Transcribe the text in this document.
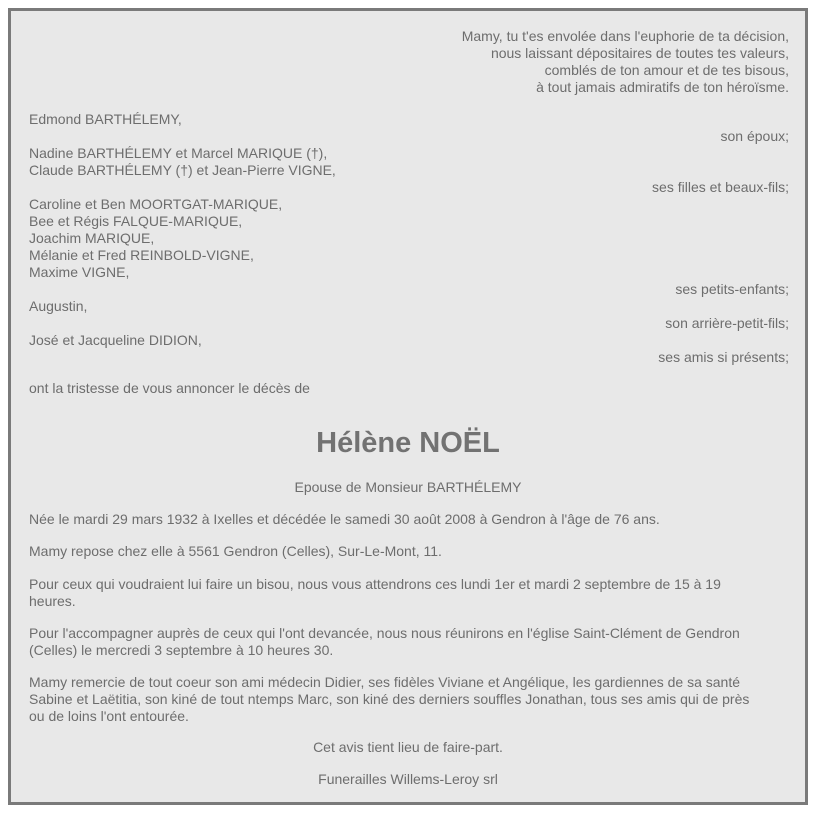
Mamy, tu t'es envolée dans l'euphorie de ta décision,
nous laissant dépositaires de toutes tes valeurs,
comblés de ton amour et de tes bisous,
à tout jamais admiratifs de ton héroïsme.
Edmond BARTHÉLEMY,
son époux;
Nadine BARTHÉLEMY et Marcel MARIQUE (†),
Claude BARTHÉLEMY (†) et Jean-Pierre VIGNE,
ses filles et beaux-fils;
Caroline et Ben MOORTGAT-MARIQUE,
Bee et Régis FALQUE-MARIQUE,
Joachim MARIQUE,
Mélanie et Fred REINBOLD-VIGNE,
Maxime VIGNE,
ses petits-enfants;
Augustin,
son arrière-petit-fils;
José et Jacqueline DIDION,
ses amis si présents;
ont la tristesse de vous annoncer le décès de
Hélène NOËL
Epouse de Monsieur BARTHÉLEMY
Née le mardi 29 mars 1932 à Ixelles et décédée le samedi 30 août 2008 à Gendron à l'âge de 76 ans.
Mamy repose chez elle à 5561 Gendron (Celles), Sur-Le-Mont, 11.
Pour ceux qui voudraient lui faire un bisou, nous vous attendrons ces lundi 1er et mardi 2 septembre de 15 à 19
heures.
Pour l'accompagner auprès de ceux qui l'ont devancée, nous nous réunirons en l'église Saint-Clément de Gendron
(Celles) le mercredi 3 septembre à 10 heures 30.
Mamy remercie de tout coeur son ami médecin Didier, ses fidèles Viviane et Angélique, les gardiennes de sa santé
Sabine et Laëtitia, son kiné de tout ntemps Marc, son kiné des derniers souffles Jonathan, tous ses amis qui de près
ou de loins l'ont entourée.
Cet avis tient lieu de faire-part.
Funerailles Willems-Leroy srl
